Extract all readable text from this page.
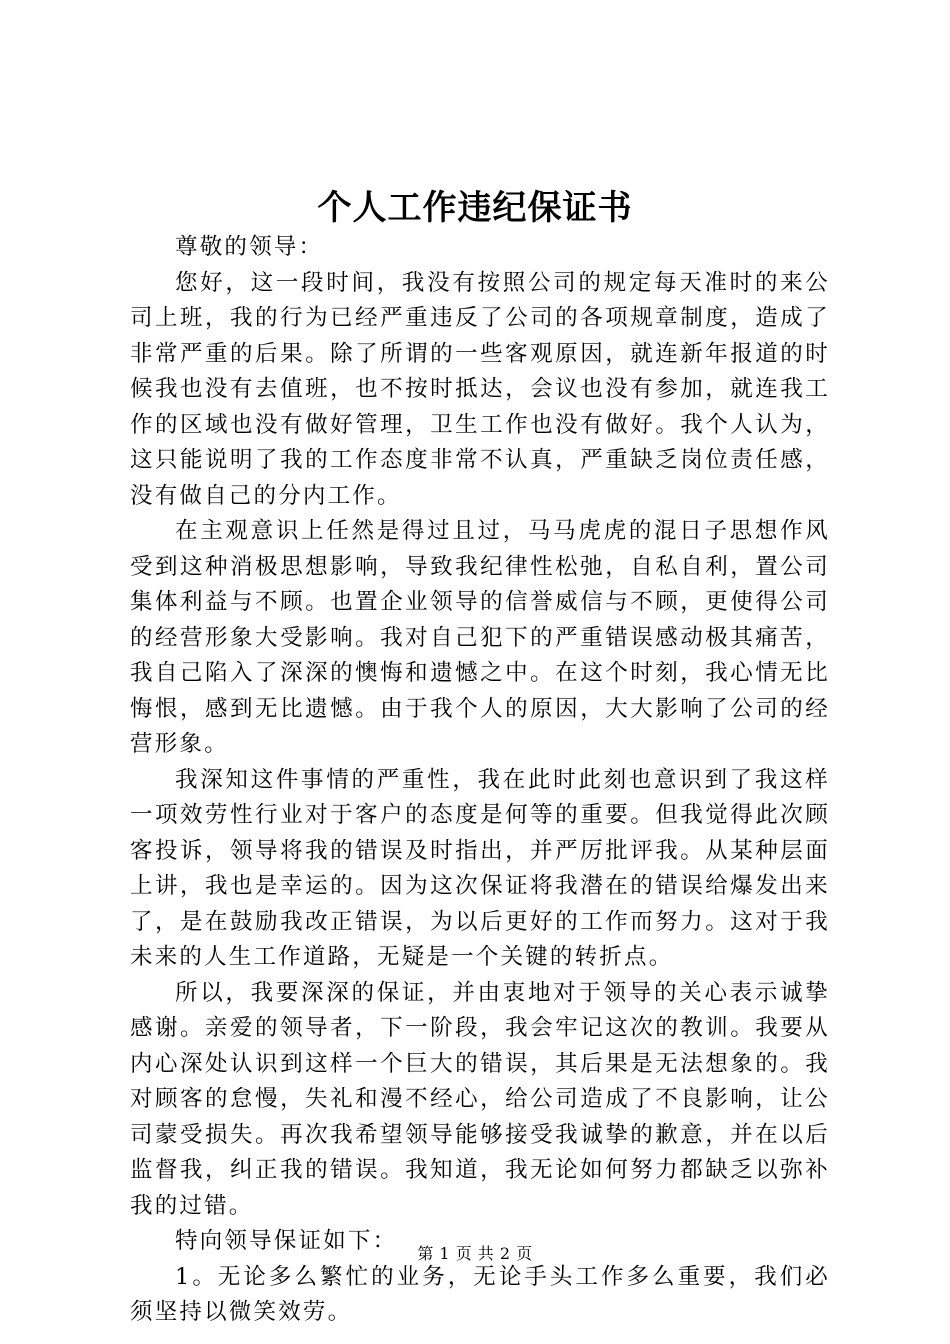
个人工作违纪保证书

尊敬的领导：

您好，这一段时间，我没有按照公司的规定每天准时的来公司上班，我的行为已经严重违反了公司的各项规章制度，造成了非常严重的后果。除了所谓的一些客观原因，就连新年报道的时候我也没有去值班，也不按时抵达，会议也没有参加，就连我工作的区域也没有做好管理，卫生工作也没有做好。我个人认为，这只能说明了我的工作态度非常不认真，严重缺乏岗位责任感，没有做自己的分内工作。

在主观意识上任然是得过且过，马马虎虎的混日子思想作风受到这种消极思想影响，导致我纪律性松弛，自私自利，置公司集体利益与不顾。也置企业领导的信誉威信与不顾，更使得公司的经营形象大受影响。我对自己犯下的严重错误感动极其痛苦，我自己陷入了深深的懊悔和遗憾之中。在这个时刻，我心情无比悔恨，感到无比遗憾。由于我个人的原因，大大影响了公司的经营形象。

我深知这件事情的严重性，我在此时此刻也意识到了我这样一项效劳性行业对于客户的态度是何等的重要。但我觉得此次顾客投诉，领导将我的错误及时指出，并严厉批评我。从某种层面上讲，我也是幸运的。因为这次保证将我潜在的错误给爆发出来了，是在鼓励我改正错误，为以后更好的工作而努力。这对于我未来的人生工作道路，无疑是一个关键的转折点。

所以，我要深深的保证，并由衷地对于领导的关心表示诚挚感谢。亲爱的领导者，下一阶段，我会牢记这次的教训。我要从内心深处认识到这样一个巨大的错误，其后果是无法想象的。我对顾客的怠慢，失礼和漫不经心，给公司造成了不良影响，让公司蒙受损失。再次我希望领导能够接受我诚挚的歉意，并在以后监督我，纠正我的错误。我知道，我无论如何努力都缺乏以弥补我的过错。

特向领导保证如下：

1。无论多么繁忙的业务，无论手头工作多么重要，我们必须坚持以微笑效劳。

第 1 页 共 2 页
